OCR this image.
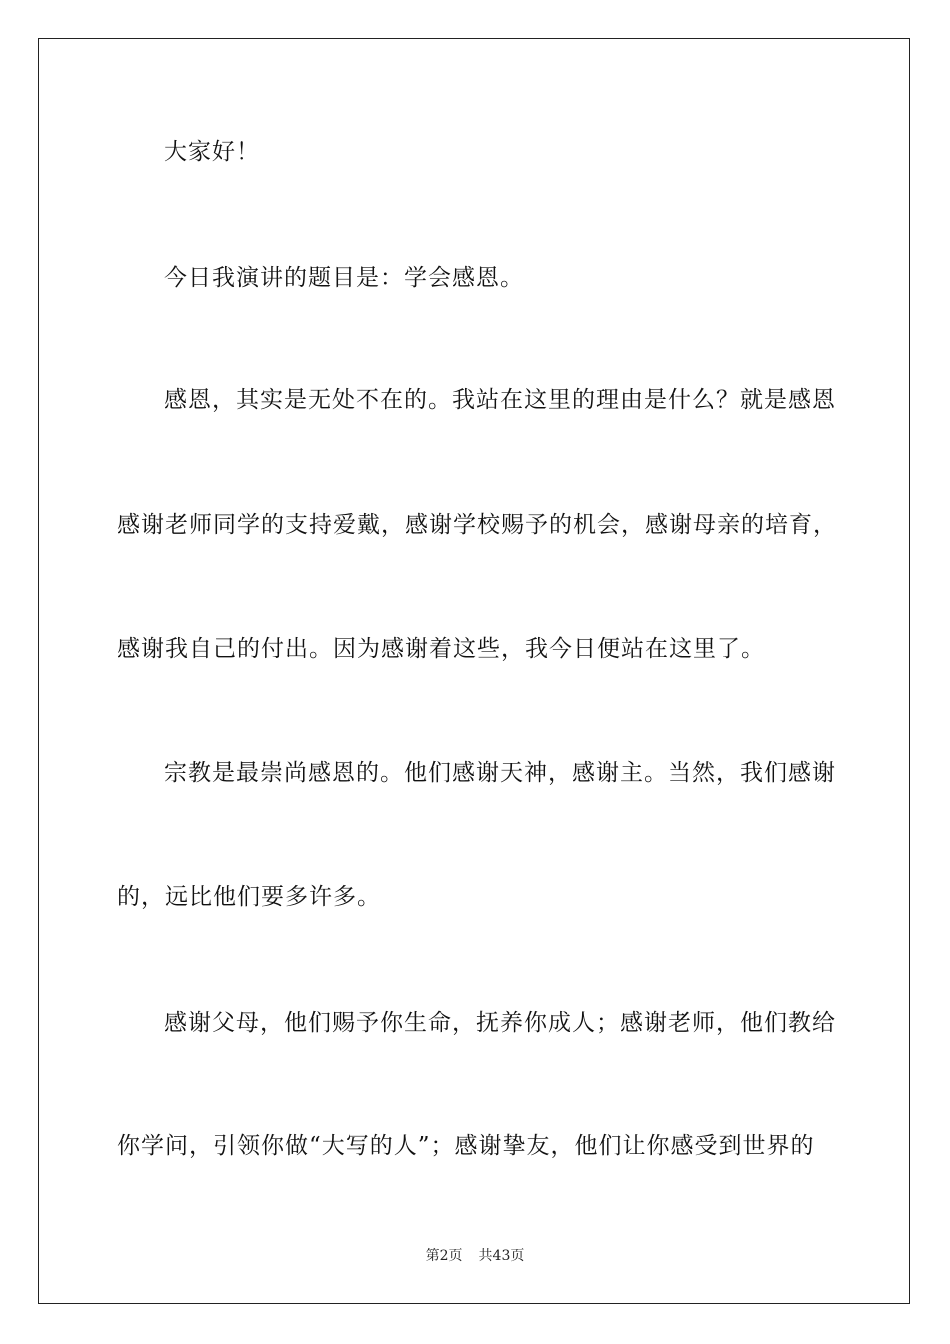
大家好！
今日我演讲的题目是：学会感恩。
感恩，其实是无处不在的。我站在这里的理由是什么？就是感恩
感谢老师同学的支持爱戴，感谢学校赐予的机会，感谢母亲的培育，
感谢我自己的付出。因为感谢着这些，我今日便站在这里了。
宗教是最崇尚感恩的。他们感谢天神，感谢主。当然，我们感谢
的，远比他们要多许多。
感谢父母，他们赐予你生命，抚养你成人；感谢老师，他们教给
你学问，引领你做“大写的人”；感谢挚友，他们让你感受到世界的
第2页 共43页
